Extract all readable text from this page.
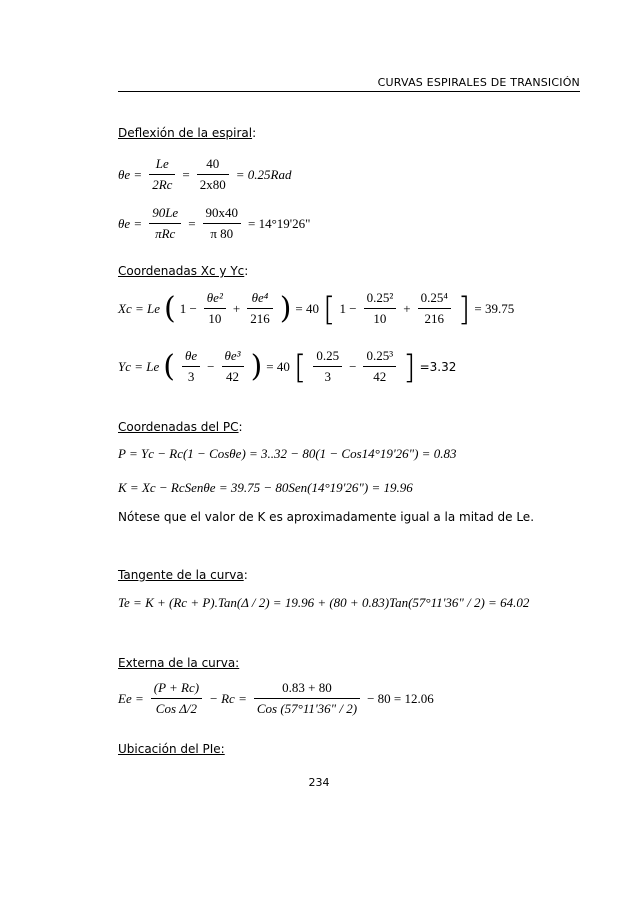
CURVAS ESPIRALES DE TRANSICIÓN
Deflexión de la espiral:
$\theta e = \frac{Le}{2Rc} = \frac{40}{2x80} = 0.25Rad$
$\theta e = \frac{90Le}{\text{πRc}} = \frac{90x40}{\pi 80} = 14^\circ 19'26$"
Coordenadas Xc y Yc:
Xc = Le ( $1 - \frac{\text{θe²}}{10} + \frac{\text{θe⁴}}{216}$ ) = 40 [ $1 - \frac{\text{0.25²}}{10} + \frac{\text{0.25⁴}}{216}$ ] = 39.75
Yc = Le ( $\frac{\theta e}{3} - \frac{\text{θe³}}{42}$ ) = 40 [ $\frac{0.25}{3} - \frac{\text{0.25³}}{42}$ ] =3.32
Coordenadas del PC:
P = Yc − Rc(1 − Cosθe) = 3..32 − 80(1 − Cos14°19'26") = 0.83
K = Xc − RcSenθe = 39.75 − 80Sen(14°19'26") = 19.96
Nótese que el valor de K es aproximadamente igual a la mitad de Le.
Tangente de la curva:
Te = K + (Rc + P).Tan(Δ / 2) = 19.96 + (80 + 0.83)Tan(57°11'36" / 2) = 64.02
Externa de la curva:
$Ee = \frac{(P + Rc)}{\text{Cos Δ/2}} - Rc = \frac{0.83 + 80}{\text{Cos (57°11'36" / 2)}} - 80 = 12.06$
Ubicación del PIe:
234
